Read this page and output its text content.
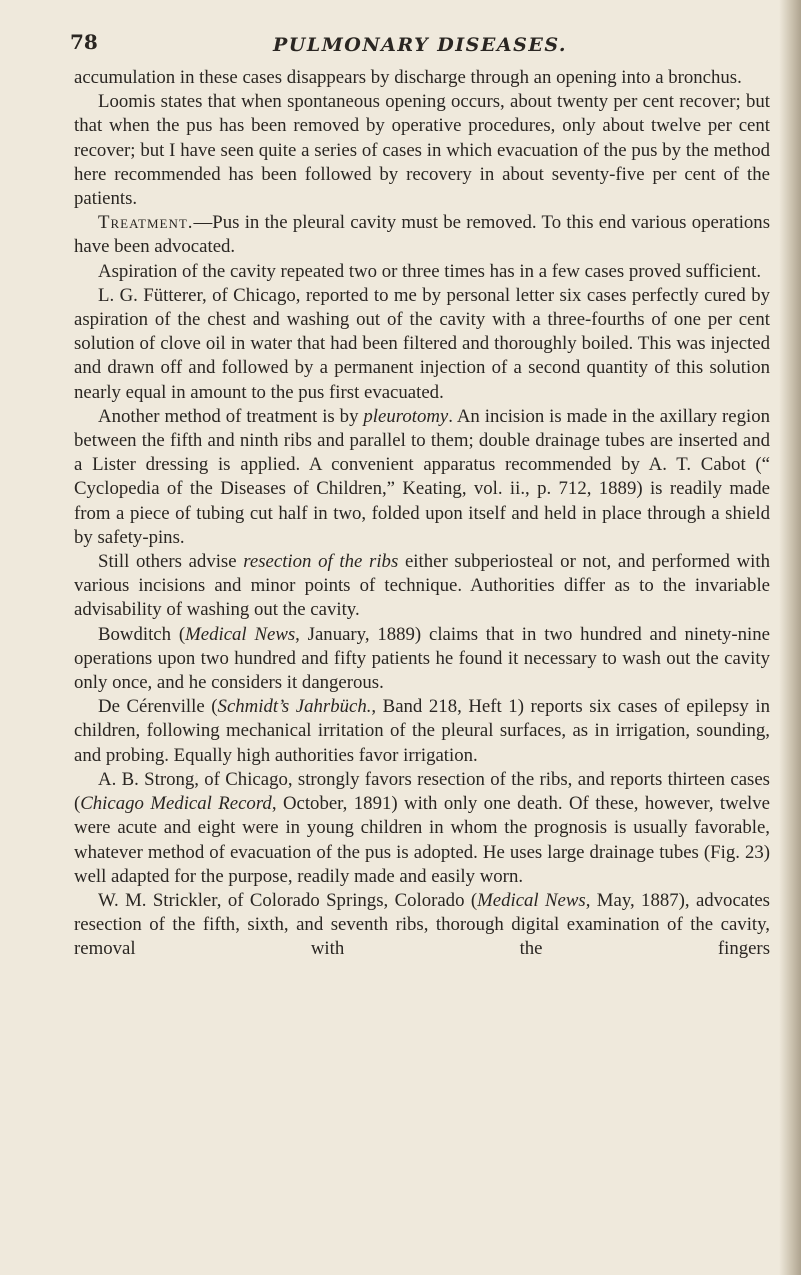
78	PULMONARY DISEASES.

accumulation in these cases disappears by discharge through an opening into a bronchus.

Loomis states that when spontaneous opening occurs, about twenty per cent recover; but that when the pus has been removed by operative procedures, only about twelve per cent recover; but I have seen quite a series of cases in which evacuation of the pus by the method here recommended has been followed by recovery in about seventy-five per cent of the patients.

Treatment.—Pus in the pleural cavity must be removed. To this end various operations have been advocated.

Aspiration of the cavity repeated two or three times has in a few cases proved sufficient.

L. G. Fütterer, of Chicago, reported to me by personal letter six cases perfectly cured by aspiration of the chest and washing out of the cavity with a three-fourths of one per cent solution of clove oil in water that had been filtered and thoroughly boiled. This was injected and drawn off and followed by a permanent injection of a second quantity of this solution nearly equal in amount to the pus first evacuated.

Another method of treatment is by pleurotomy. An incision is made in the axillary region between the fifth and ninth ribs and parallel to them; double drainage tubes are inserted and a Lister dressing is applied. A convenient apparatus recommended by A. T. Cabot (“ Cyclopedia of the Diseases of Children,” Keating, vol. ii., p. 712, 1889) is readily made from a piece of tubing cut half in two, folded upon itself and held in place through a shield by safety-pins.

Still others advise resection of the ribs either subperiosteal or not, and performed with various incisions and minor points of technique. Authorities differ as to the invariable advisability of washing out the cavity.

Bowditch (Medical News, January, 1889) claims that in two hundred and ninety-nine operations upon two hundred and fifty patients he found it necessary to wash out the cavity only once, and he considers it dangerous.

De Cérenville (Schmidt’s Jahrbüch., Band 218, Heft 1) reports six cases of epilepsy in children, following mechanical irritation of the pleural surfaces, as in irrigation, sounding, and probing. Equally high authorities favor irrigation.

A. B. Strong, of Chicago, strongly favors resection of the ribs, and reports thirteen cases (Chicago Medical Record, October, 1891) with only one death. Of these, however, twelve were acute and eight were in young children in whom the prognosis is usually favorable, whatever method of evacuation of the pus is adopted. He uses large drainage tubes (Fig. 23) well adapted for the purpose, readily made and easily worn.

W. M. Strickler, of Colorado Springs, Colorado (Medical News, May, 1887), advocates resection of the fifth, sixth, and seventh ribs, thorough digital examination of the cavity, removal with the fingers
